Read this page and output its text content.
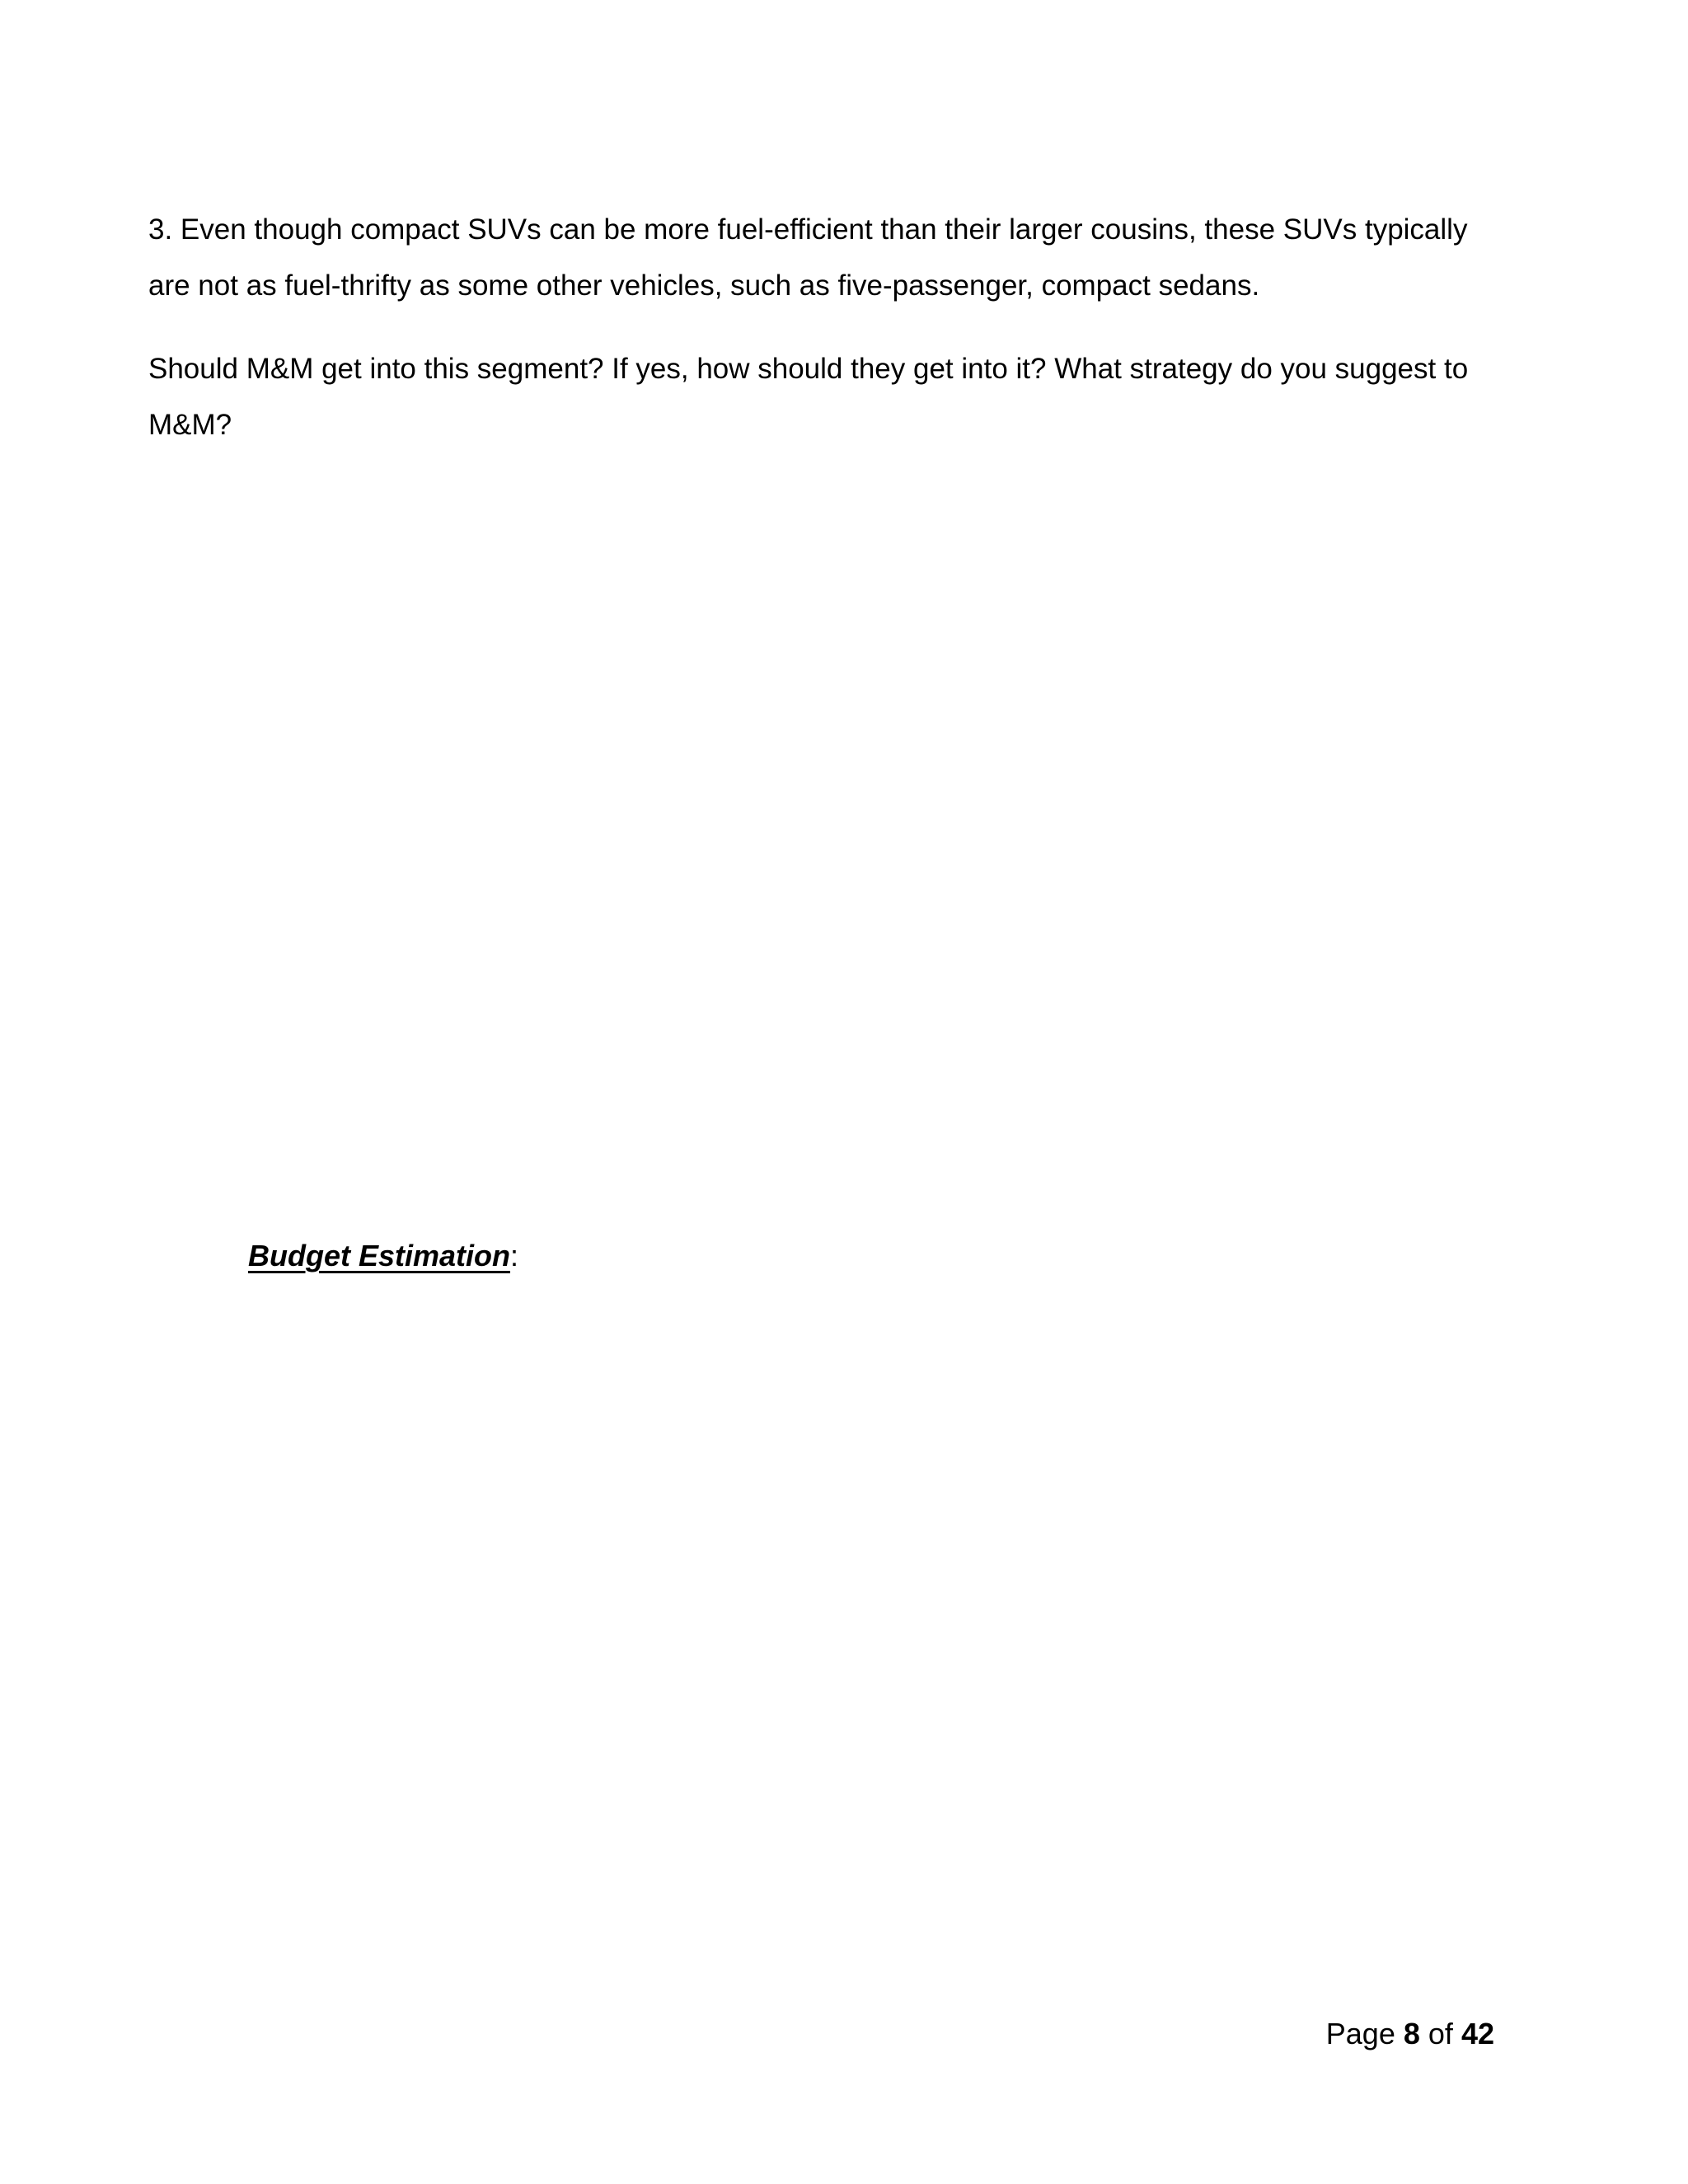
3. Even though compact SUVs can be more fuel-efficient than their larger cousins, these SUVs typically are not as fuel-thrifty as some other vehicles, such as five-passenger, compact sedans.

Should M&M get into this segment? If yes, how should they get into it? What strategy do you suggest to M&M?

Budget Estimation:
Page 8 of 42
